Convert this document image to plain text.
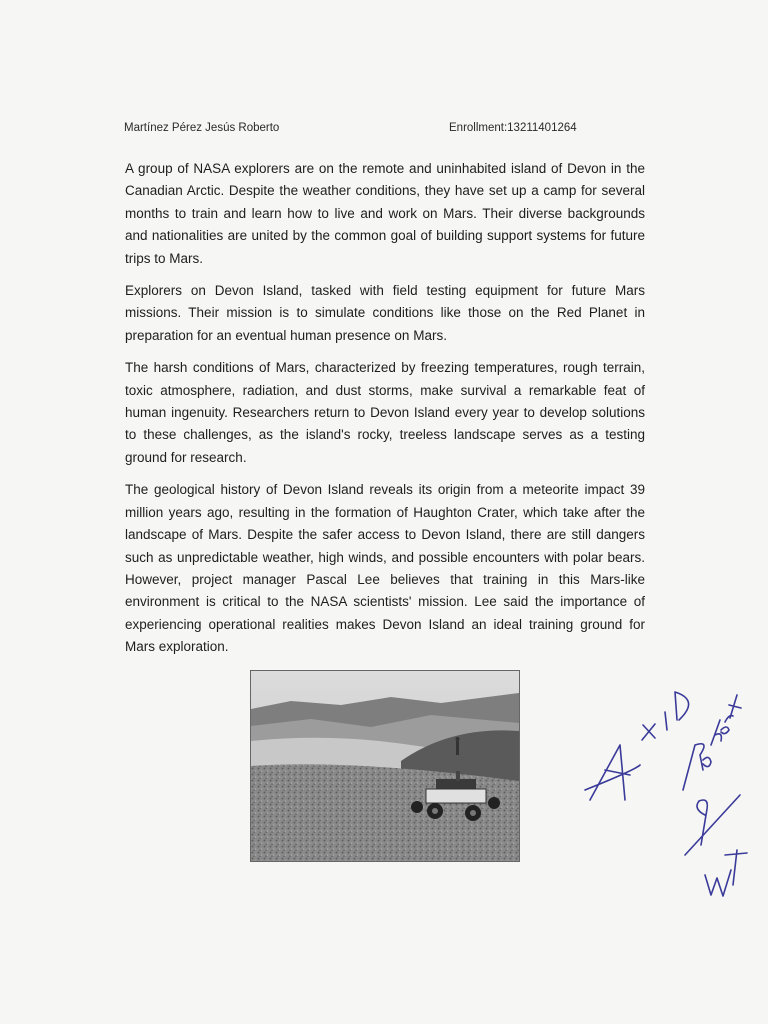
Martínez Pérez Jesús Roberto	Enrollment:13211401264

A group of NASA explorers are on the remote and uninhabited island of Devon in the Canadian Arctic. Despite the weather conditions, they have set up a camp for several months to train and learn how to live and work on Mars. Their diverse backgrounds and nationalities are united by the common goal of building support systems for future trips to Mars.

Explorers on Devon Island, tasked with field testing equipment for future Mars missions. Their mission is to simulate conditions like those on the Red Planet in preparation for an eventual human presence on Mars.

The harsh conditions of Mars, characterized by freezing temperatures, rough terrain, toxic atmosphere, radiation, and dust storms, make survival a remarkable feat of human ingenuity. Researchers return to Devon Island every year to develop solutions to these challenges, as the island's rocky, treeless landscape serves as a testing ground for research.

The geological history of Devon Island reveals its origin from a meteorite impact 39 million years ago, resulting in the formation of Haughton Crater, which take after the landscape of Mars. Despite the safer access to Devon Island, there are still dangers such as unpredictable weather, high winds, and possible encounters with polar bears. However, project manager Pascal Lee believes that training in this Mars-like environment is critical to the NASA scientists' mission. Lee said the importance of experiencing operational realities makes Devon Island an ideal training ground for Mars exploration.
